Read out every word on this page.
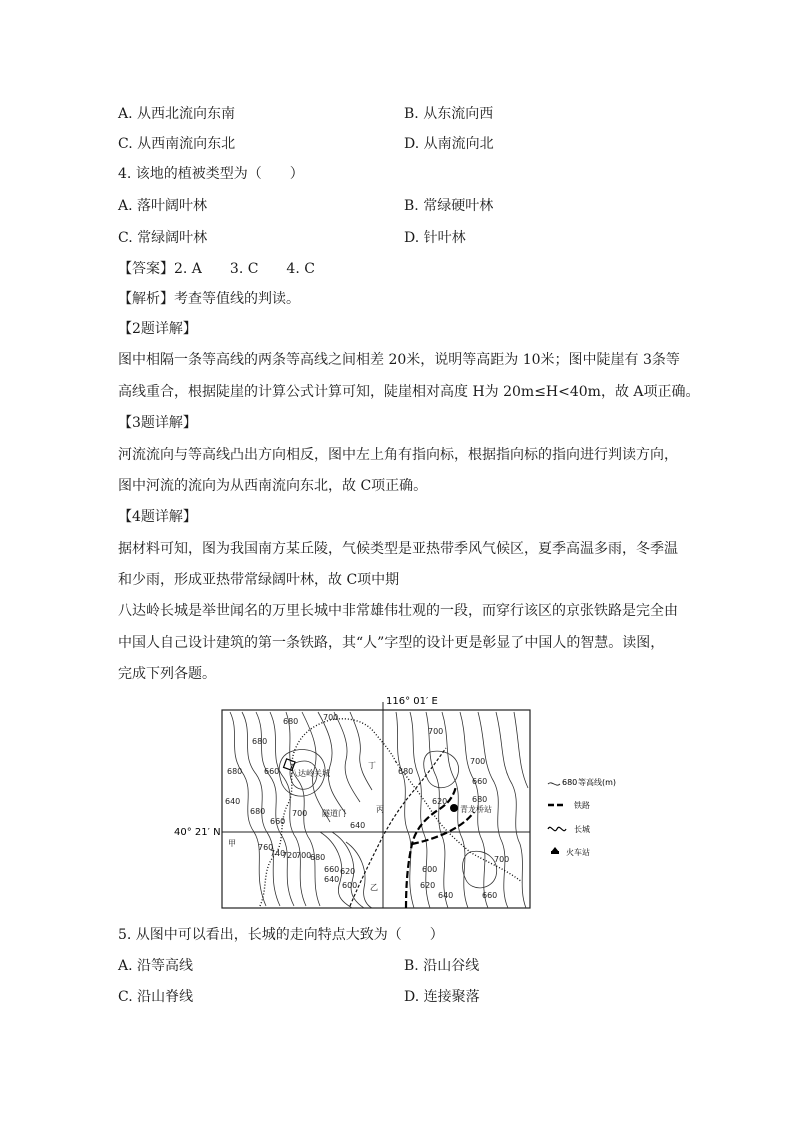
A. 从西北流向东南	B. 从东流向西
C. 从西南流向东北	D. 从南流向北
4. 该地的植被类型为（　　）
A. 落叶阔叶林	B. 常绿硬叶林
C. 常绿阔叶林	D. 针叶林
【答案】2. A　　3. C　　4. C
【解析】考查等值线的判读。
【2题详解】
图中相隔一条等高线的两条等高线之间相差 20米，说明等高距为 10米；图中陡崖有 3条等
高线重合，根据陡崖的计算公式计算可知，陡崖相对高度 H为 20m≤H<40m，故 A项正确。
【3题详解】
河流流向与等高线凸出方向相反，图中左上角有指向标，根据指向标的指向进行判读方向，
图中河流的流向为从西南流向东北，故 C项正确。
【4题详解】
据材料可知，图为我国南方某丘陵，气候类型是亚热带季风气候区，夏季高温多雨，冬季温
和少雨，形成亚热带常绿阔叶林，故 C项中期
八达岭长城是举世闻名的万里长城中非常雄伟壮观的一段，而穿行该区的京张铁路是完全由
中国人自己设计建筑的第一条铁路，其“人”字型的设计更是彰显了中国人的智慧。读图，
完成下列各题。
116° 01′ E
40° 21′ N
680	700
680
660
680
640
700
680
660	640
760
740
720
700
680
660
640
620
600
620
700
680
700
660
680
600
620
640
700
660
八达岭关城
丁
丙
隧道门	青龙桥站
甲
乙
680 等高线(m)
铁路
长城
火车站
5. 从图中可以看出，长城的走向特点大致为（　　）
A. 沿等高线	B. 沿山谷线
C. 沿山脊线	D. 连接聚落
